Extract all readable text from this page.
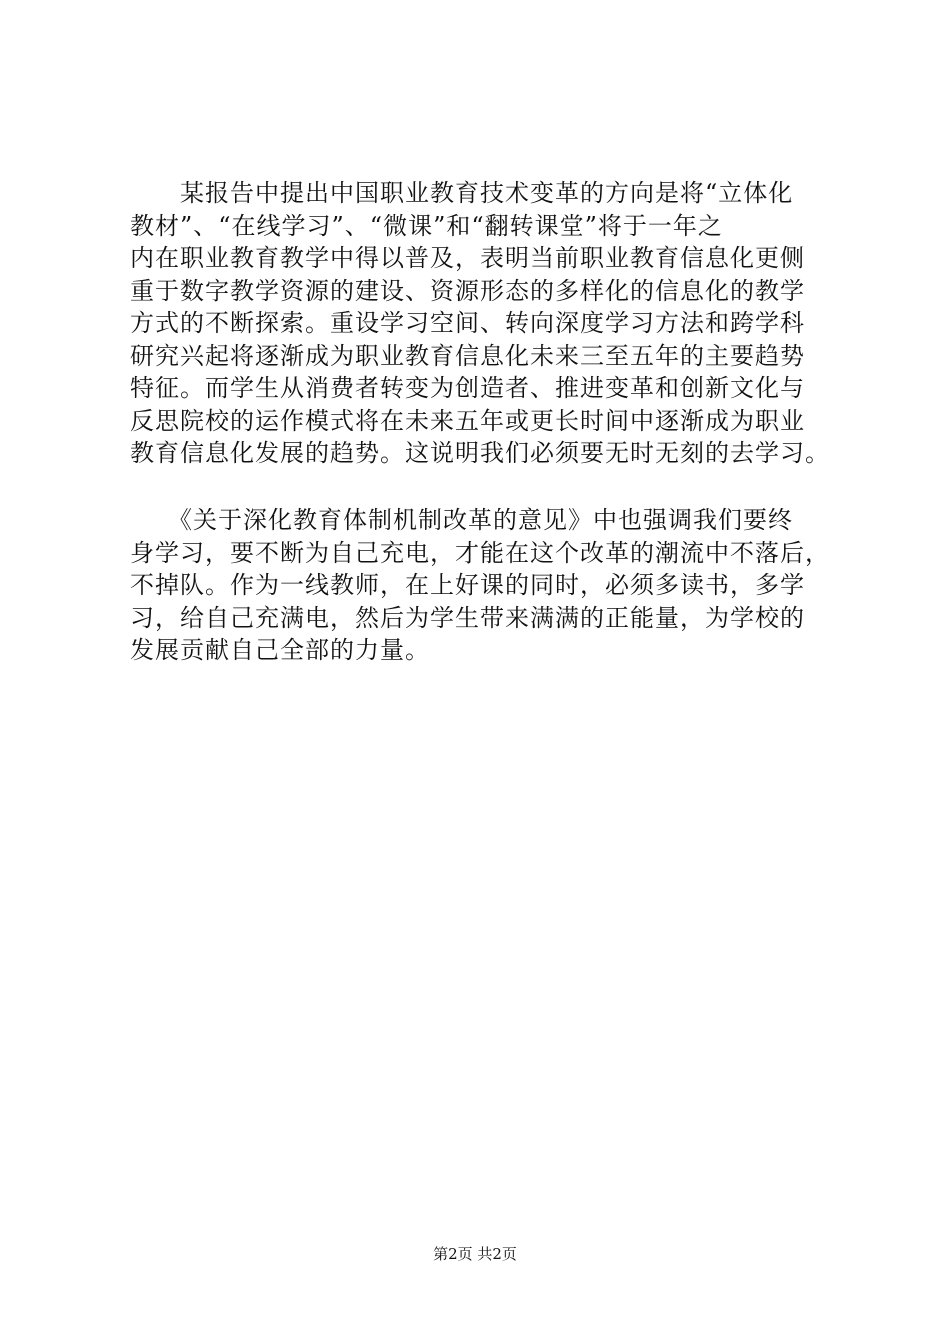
　　某报告中提出中国职业教育技术变革的方向是将“立体化
教材”、“在线学习”、“微课”和“翻转课堂”将于一年之
内在职业教育教学中得以普及，表明当前职业教育信息化更侧
重于数字教学资源的建设、资源形态的多样化的信息化的教学
方式的不断探索。重设学习空间、转向深度学习方法和跨学科
研究兴起将逐渐成为职业教育信息化未来三至五年的主要趋势
特征。而学生从消费者转变为创造者、推进变革和创新文化与
反思院校的运作模式将在未来五年或更长时间中逐渐成为职业
教育信息化发展的趋势。这说明我们必须要无时无刻的去学习。
　　《关于深化教育体制机制改革的意见》中也强调我们要终
身学习，要不断为自己充电，才能在这个改革的潮流中不落后，
不掉队。作为一线教师，在上好课的同时，必须多读书，多学
习，给自己充满电，然后为学生带来满满的正能量，为学校的
发展贡献自己全部的力量。
第2页 共2页
